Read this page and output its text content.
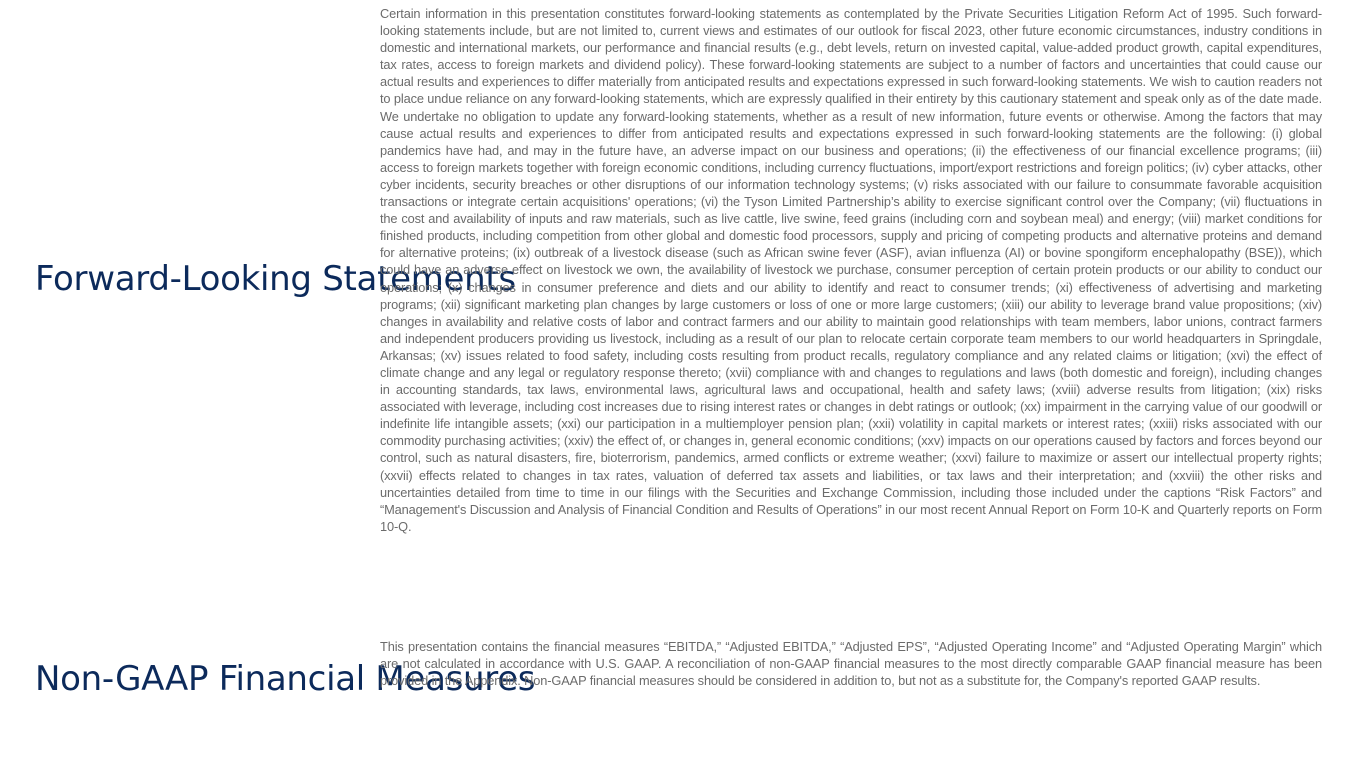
Forward-Looking Statements

Certain information in this presentation constitutes forward-looking statements as contemplated by the Private Securities Litigation Reform Act of 1995. Such forward-looking statements include, but are not limited to, current views and estimates of our outlook for fiscal 2023, other future economic circumstances, industry conditions in domestic and international markets, our performance and financial results (e.g., debt levels, return on invested capital, value-added product growth, capital expenditures, tax rates, access to foreign markets and dividend policy). These forward-looking statements are subject to a number of factors and uncertainties that could cause our actual results and experiences to differ materially from anticipated results and expectations expressed in such forward-looking statements. We wish to caution readers not to place undue reliance on any forward-looking statements, which are expressly qualified in their entirety by this cautionary statement and speak only as of the date made. We undertake no obligation to update any forward-looking statements, whether as a result of new information, future events or otherwise. Among the factors that may cause actual results and experiences to differ from anticipated results and expectations expressed in such forward-looking statements are the following: (i) global pandemics have had, and may in the future have, an adverse impact on our business and operations; (ii) the effectiveness of our financial excellence programs; (iii) access to foreign markets together with foreign economic conditions, including currency fluctuations, import/export restrictions and foreign politics; (iv) cyber attacks, other cyber incidents, security breaches or other disruptions of our information technology systems; (v) risks associated with our failure to consummate favorable acquisition transactions or integrate certain acquisitions' operations; (vi) the Tyson Limited Partnership’s ability to exercise significant control over the Company; (vii) fluctuations in the cost and availability of inputs and raw materials, such as live cattle, live swine, feed grains (including corn and soybean meal) and energy; (viii) market conditions for finished products, including competition from other global and domestic food processors, supply and pricing of competing products and alternative proteins and demand for alternative proteins; (ix) outbreak of a livestock disease (such as African swine fever (ASF), avian influenza (AI) or bovine spongiform encephalopathy (BSE)), which could have an adverse effect on livestock we own, the availability of livestock we purchase, consumer perception of certain protein products or our ability to conduct our operations; (x) changes in consumer preference and diets and our ability to identify and react to consumer trends; (xi) effectiveness of advertising and marketing programs; (xii) significant marketing plan changes by large customers or loss of one or more large customers; (xiii) our ability to leverage brand value propositions; (xiv) changes in availability and relative costs of labor and contract farmers and our ability to maintain good relationships with team members, labor unions, contract farmers and independent producers providing us livestock, including as a result of our plan to relocate certain corporate team members to our world headquarters in Springdale, Arkansas; (xv) issues related to food safety, including costs resulting from product recalls, regulatory compliance and any related claims or litigation; (xvi) the effect of climate change and any legal or regulatory response thereto; (xvii) compliance with and changes to regulations and laws (both domestic and foreign), including changes in accounting standards, tax laws, environmental laws, agricultural laws and occupational, health and safety laws; (xviii) adverse results from litigation; (xix) risks associated with leverage, including cost increases due to rising interest rates or changes in debt ratings or outlook; (xx) impairment in the carrying value of our goodwill or indefinite life intangible assets; (xxi) our participation in a multiemployer pension plan; (xxii) volatility in capital markets or interest rates; (xxiii) risks associated with our commodity purchasing activities; (xxiv) the effect of, or changes in, general economic conditions; (xxv) impacts on our operations caused by factors and forces beyond our control, such as natural disasters, fire, bioterrorism, pandemics, armed conflicts or extreme weather; (xxvi) failure to maximize or assert our intellectual property rights; (xxvii) effects related to changes in tax rates, valuation of deferred tax assets and liabilities, or tax laws and their interpretation; and (xxviii) the other risks and uncertainties detailed from time to time in our filings with the Securities and Exchange Commission, including those included under the captions “Risk Factors” and “Management's Discussion and Analysis of Financial Condition and Results of Operations” in our most recent Annual Report on Form 10-K and Quarterly reports on Form 10-Q.

Non-GAAP Financial Measures

This presentation contains the financial measures “EBITDA,” “Adjusted EBITDA,” “Adjusted EPS”, “Adjusted Operating Income” and “Adjusted Operating Margin” which are not calculated in accordance with U.S. GAAP. A reconciliation of non-GAAP financial measures to the most directly comparable GAAP financial measure has been provided in the Appendix. Non-GAAP financial measures should be considered in addition to, but not as a substitute for, the Company's reported GAAP results.
